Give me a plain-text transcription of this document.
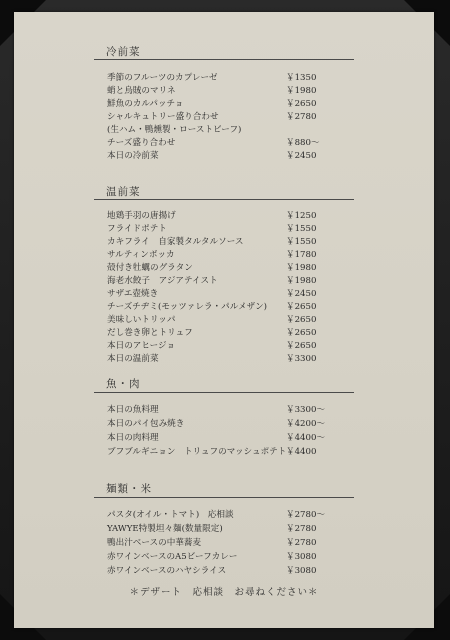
冷前菜
季節のフルーツのカプレーゼ	￥1350
蛸と烏賊のマリネ	￥1980
鮮魚のカルパッチョ	￥2650
シャルキュトリー盛り合わせ	￥2780
(生ハム・鴨燻製・ローストビーフ)
チーズ盛り合わせ	￥880～
本日の冷前菜	￥2450
温前菜
地鶏手羽の唐揚げ	￥1250
フライドポテト	￥1550
カキフライ　自家製タルタルソース	￥1550
サルティンボッカ	￥1780
殻付き牡蠣のグラタン	￥1980
海老水餃子　アジアテイスト	￥1980
サザエ壺焼き	￥2450
チーズチヂミ(モッツァレラ・パルメザン) ￥2650
美味しいトリッパ	￥2650
だし巻き卵とトリュフ	￥2650
本日のアヒージョ	￥2650
本日の温前菜	￥3300
魚・肉
本日の魚料理	￥3300～
本日のパイ包み焼き	￥4200～
本日の肉料理	￥4400～
ブフブルギニョン　トリュフのマッシュポテト ￥4400
麺類・米
パスタ(オイル・トマト)　応相談	￥2780～
YAWYE特製坦々麺(数量限定)	￥2780
鴨出汁ベースの中華蕎麦	￥2780
赤ワインベースのA5ビーフカレー	￥3080
赤ワインベースのハヤシライス	￥3080
＊デザート　応相談　お尋ねください＊
